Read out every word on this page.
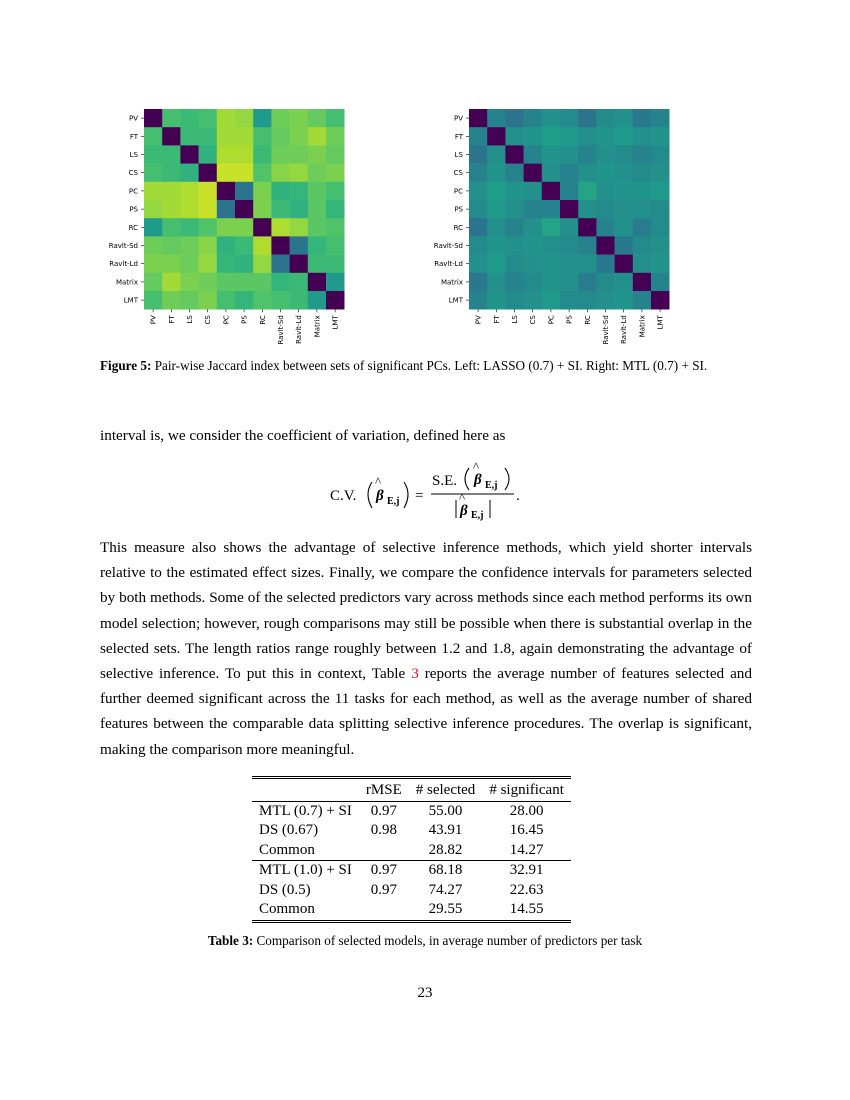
PV
PV
FT
FT
LS
LS
CS
CS
PC
PC
PS
PS
RC
RC
Ravlt-Sd
Ravlt-Sd
Ravlt-Ld
Ravlt-Ld
Matrix
Matrix
LMT
LMT
PV
PV
FT
FT
LS
LS
CS
CS
PC
PC
PS
PS
RC
RC
Ravlt-Sd
Ravlt-Sd
Ravlt-Ld
Ravlt-Ld
Matrix
Matrix
LMT
LMT
Figure 5: Pair-wise Jaccard index between sets of significant PCs. Left: LASSO (0.7) + SI. Right: MTL (0.7) + SI.
interval is, we consider the coefficient of variation, defined here as
C.V. β
^
E,j =
S.E. β
^
E,j
β
^
E,j
.
This measure also shows the advantage of selective inference methods, which yield shorter intervals relative to the estimated effect sizes. Finally, we compare the confidence intervals for parameters selected by both methods. Some of the selected predictors vary across methods since each method performs its own model selection; however, rough comparisons may still be possible when there is substantial overlap in the selected sets. The length ratios range roughly between 1.2 and 1.8, again demonstrating the advantage of selective inference. To put this in context, Table 3 reports the average number of features selected and further deemed significant across the 11 tasks for each method, as well as the average number of shared features between the comparable data splitting selective inference procedures. The overlap is significant, making the comparison more meaningful.
	rMSE	# selected	# significant
MTL (0.7) + SI	0.97	55.00	28.00
DS (0.67)	0.98	43.91	16.45
Common		28.82	14.27
MTL (1.0) + SI	0.97	68.18	32.91
DS (0.5)	0.97	74.27	22.63
Common		29.55	14.55
Table 3: Comparison of selected models, in average number of predictors per task
23
